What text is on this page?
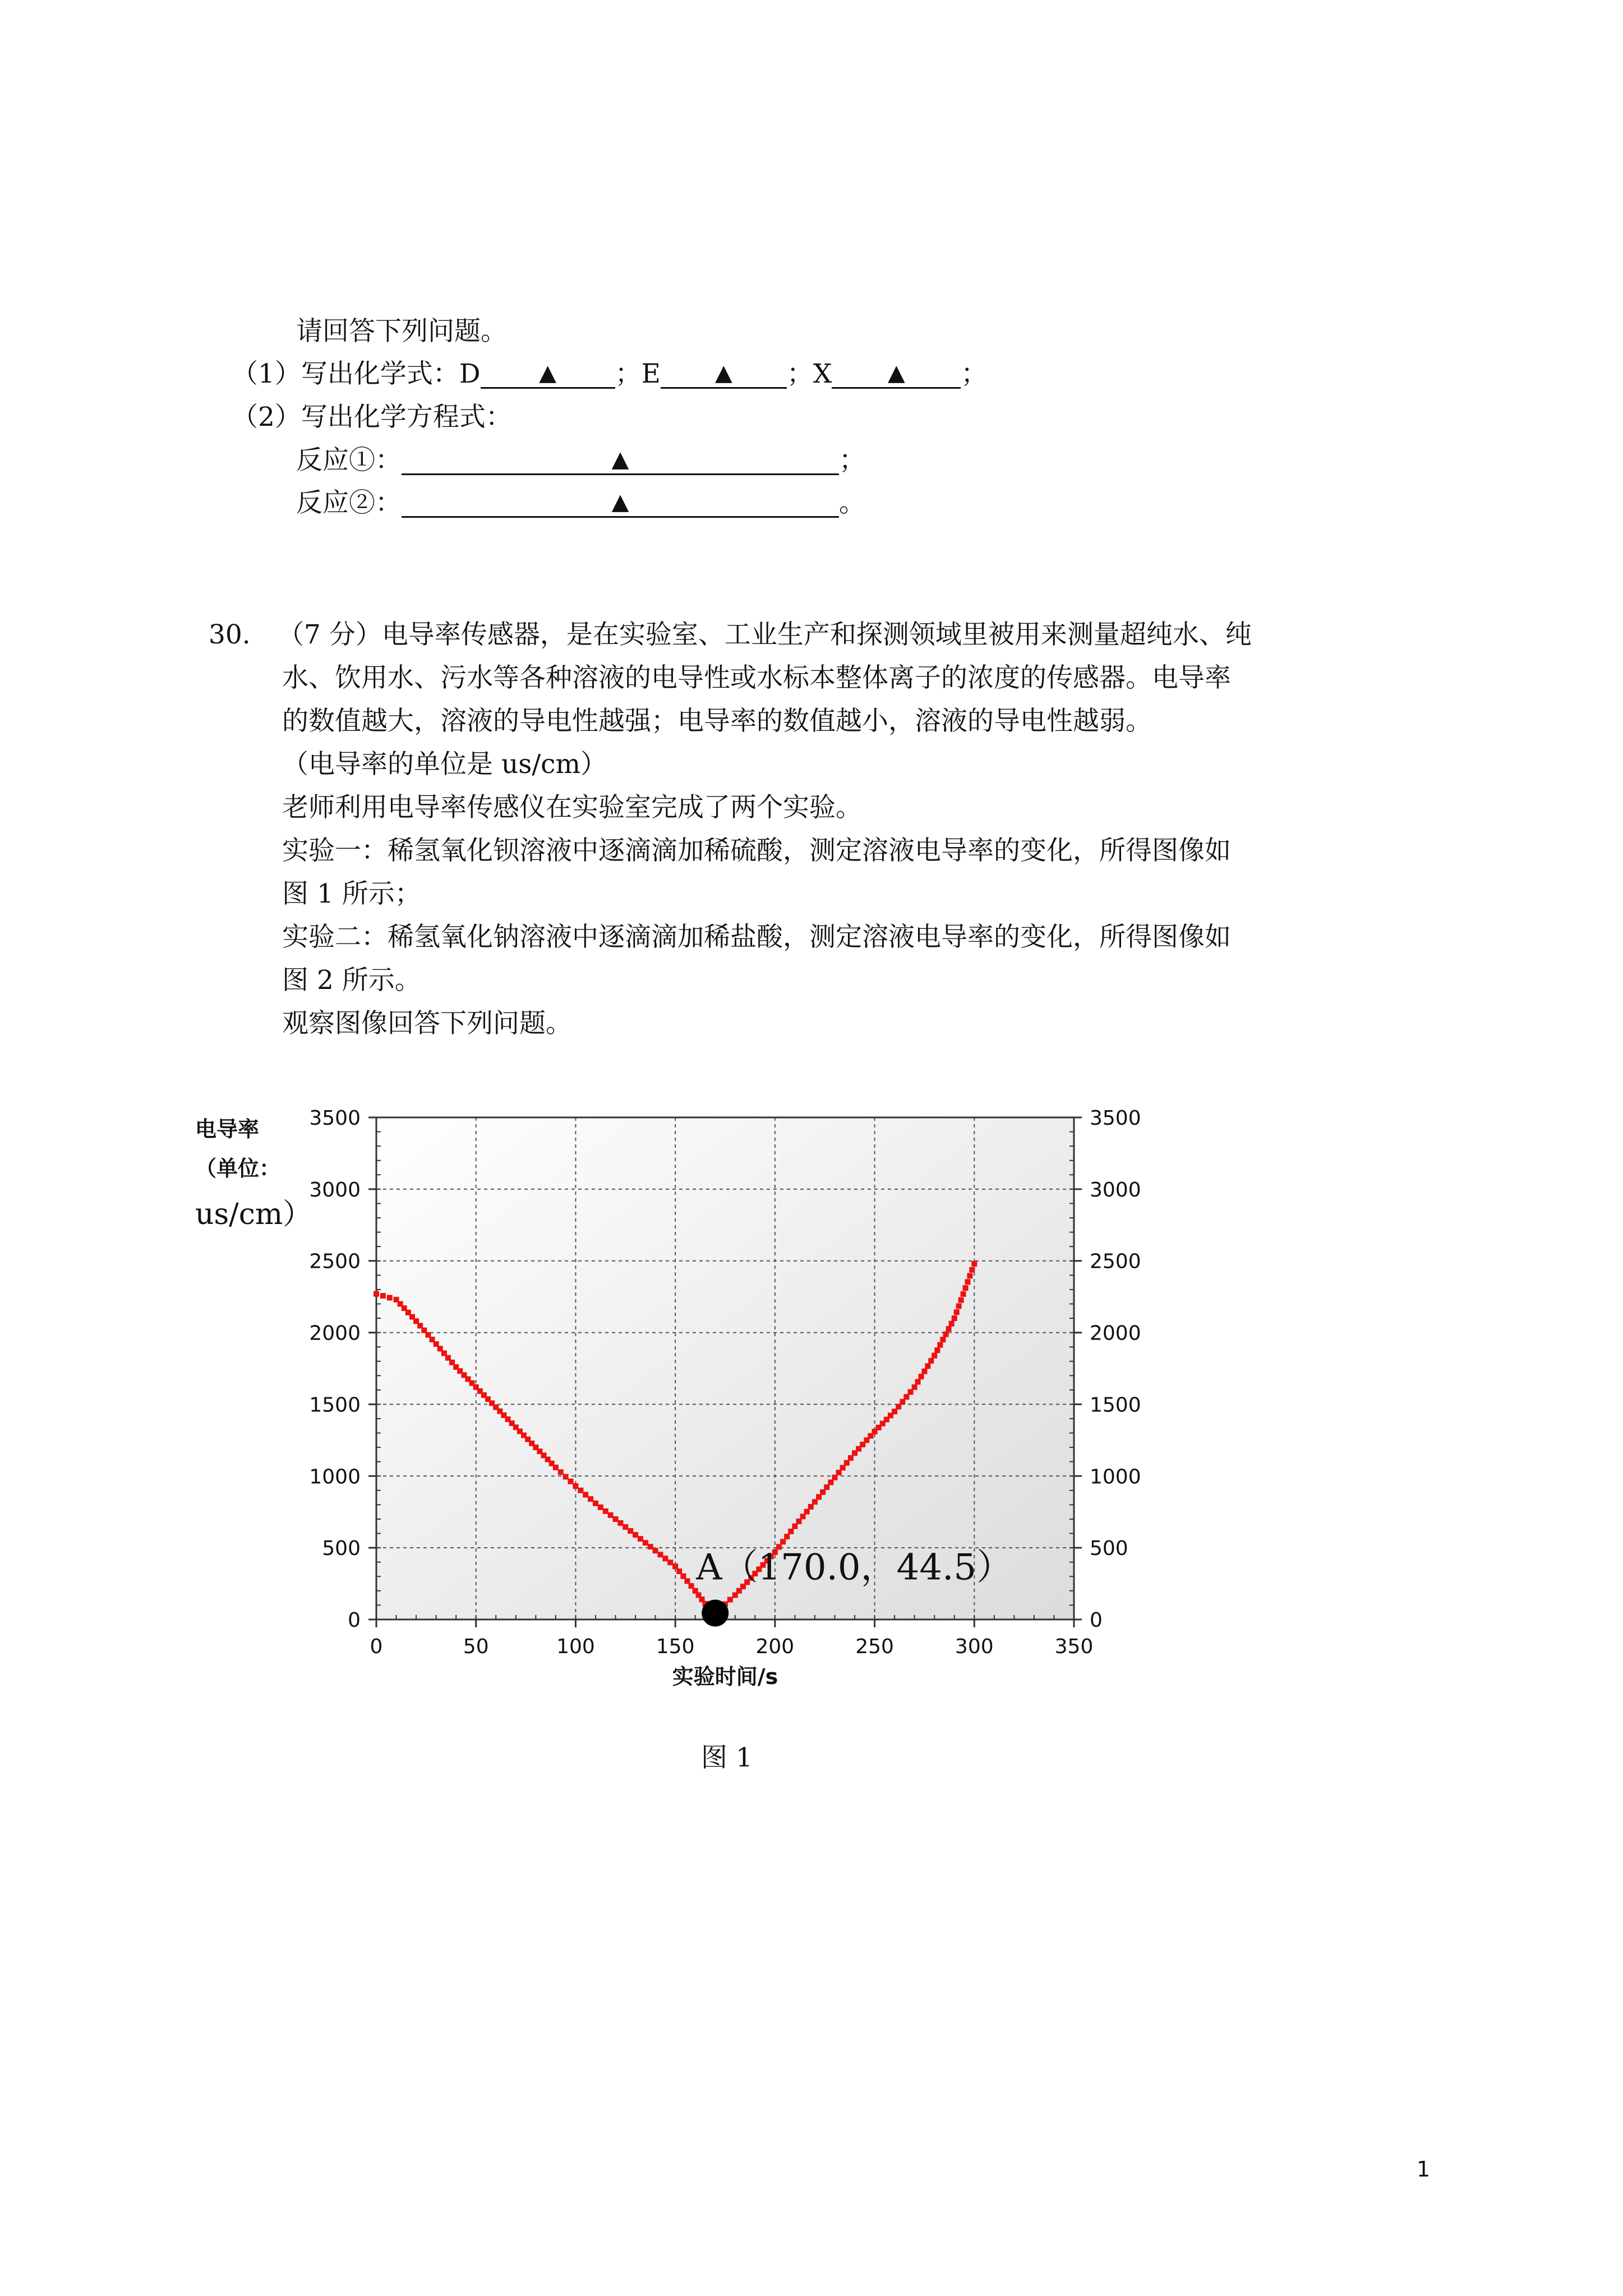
请回答下列问题。
（1）写出化学式：D	▲ ；E ▲ ；X ▲ ；
（2）写出化学方程式：
反应①：	▲	；
反应②：	▲	。
30. （7 分）电导率传感器，是在实验室、工业生产和探测领域里被用来测量超纯水、纯

水、饮用水、污水等各种溶液的电导性或水标本整体离子的浓度的传感器。电导率

的数值越大，溶液的导电性越强；电导率的数值越小，溶液的导电性越弱。

（电导率的单位是 us/cm）

老师利用电导率传感仪在实验室完成了两个实验。

实验一：稀氢氧化钡溶液中逐滴滴加稀硫酸，测定溶液电导率的变化，所得图像如

图 1 所示；

实验二：稀氢氧化钠溶液中逐滴滴加稀盐酸，测定溶液电导率的变化，所得图像如

图 2 所示。

观察图像回答下列问题。

电导率
（单位：
us/cm）
0	50	100	150	200	250	300	350
0	0
500	500
1000	1000
1500	1500
2000	2000
2500	2500
3000	3000
3500	3500
A（170.0，44.5）
实验时间/s
图 1
1
